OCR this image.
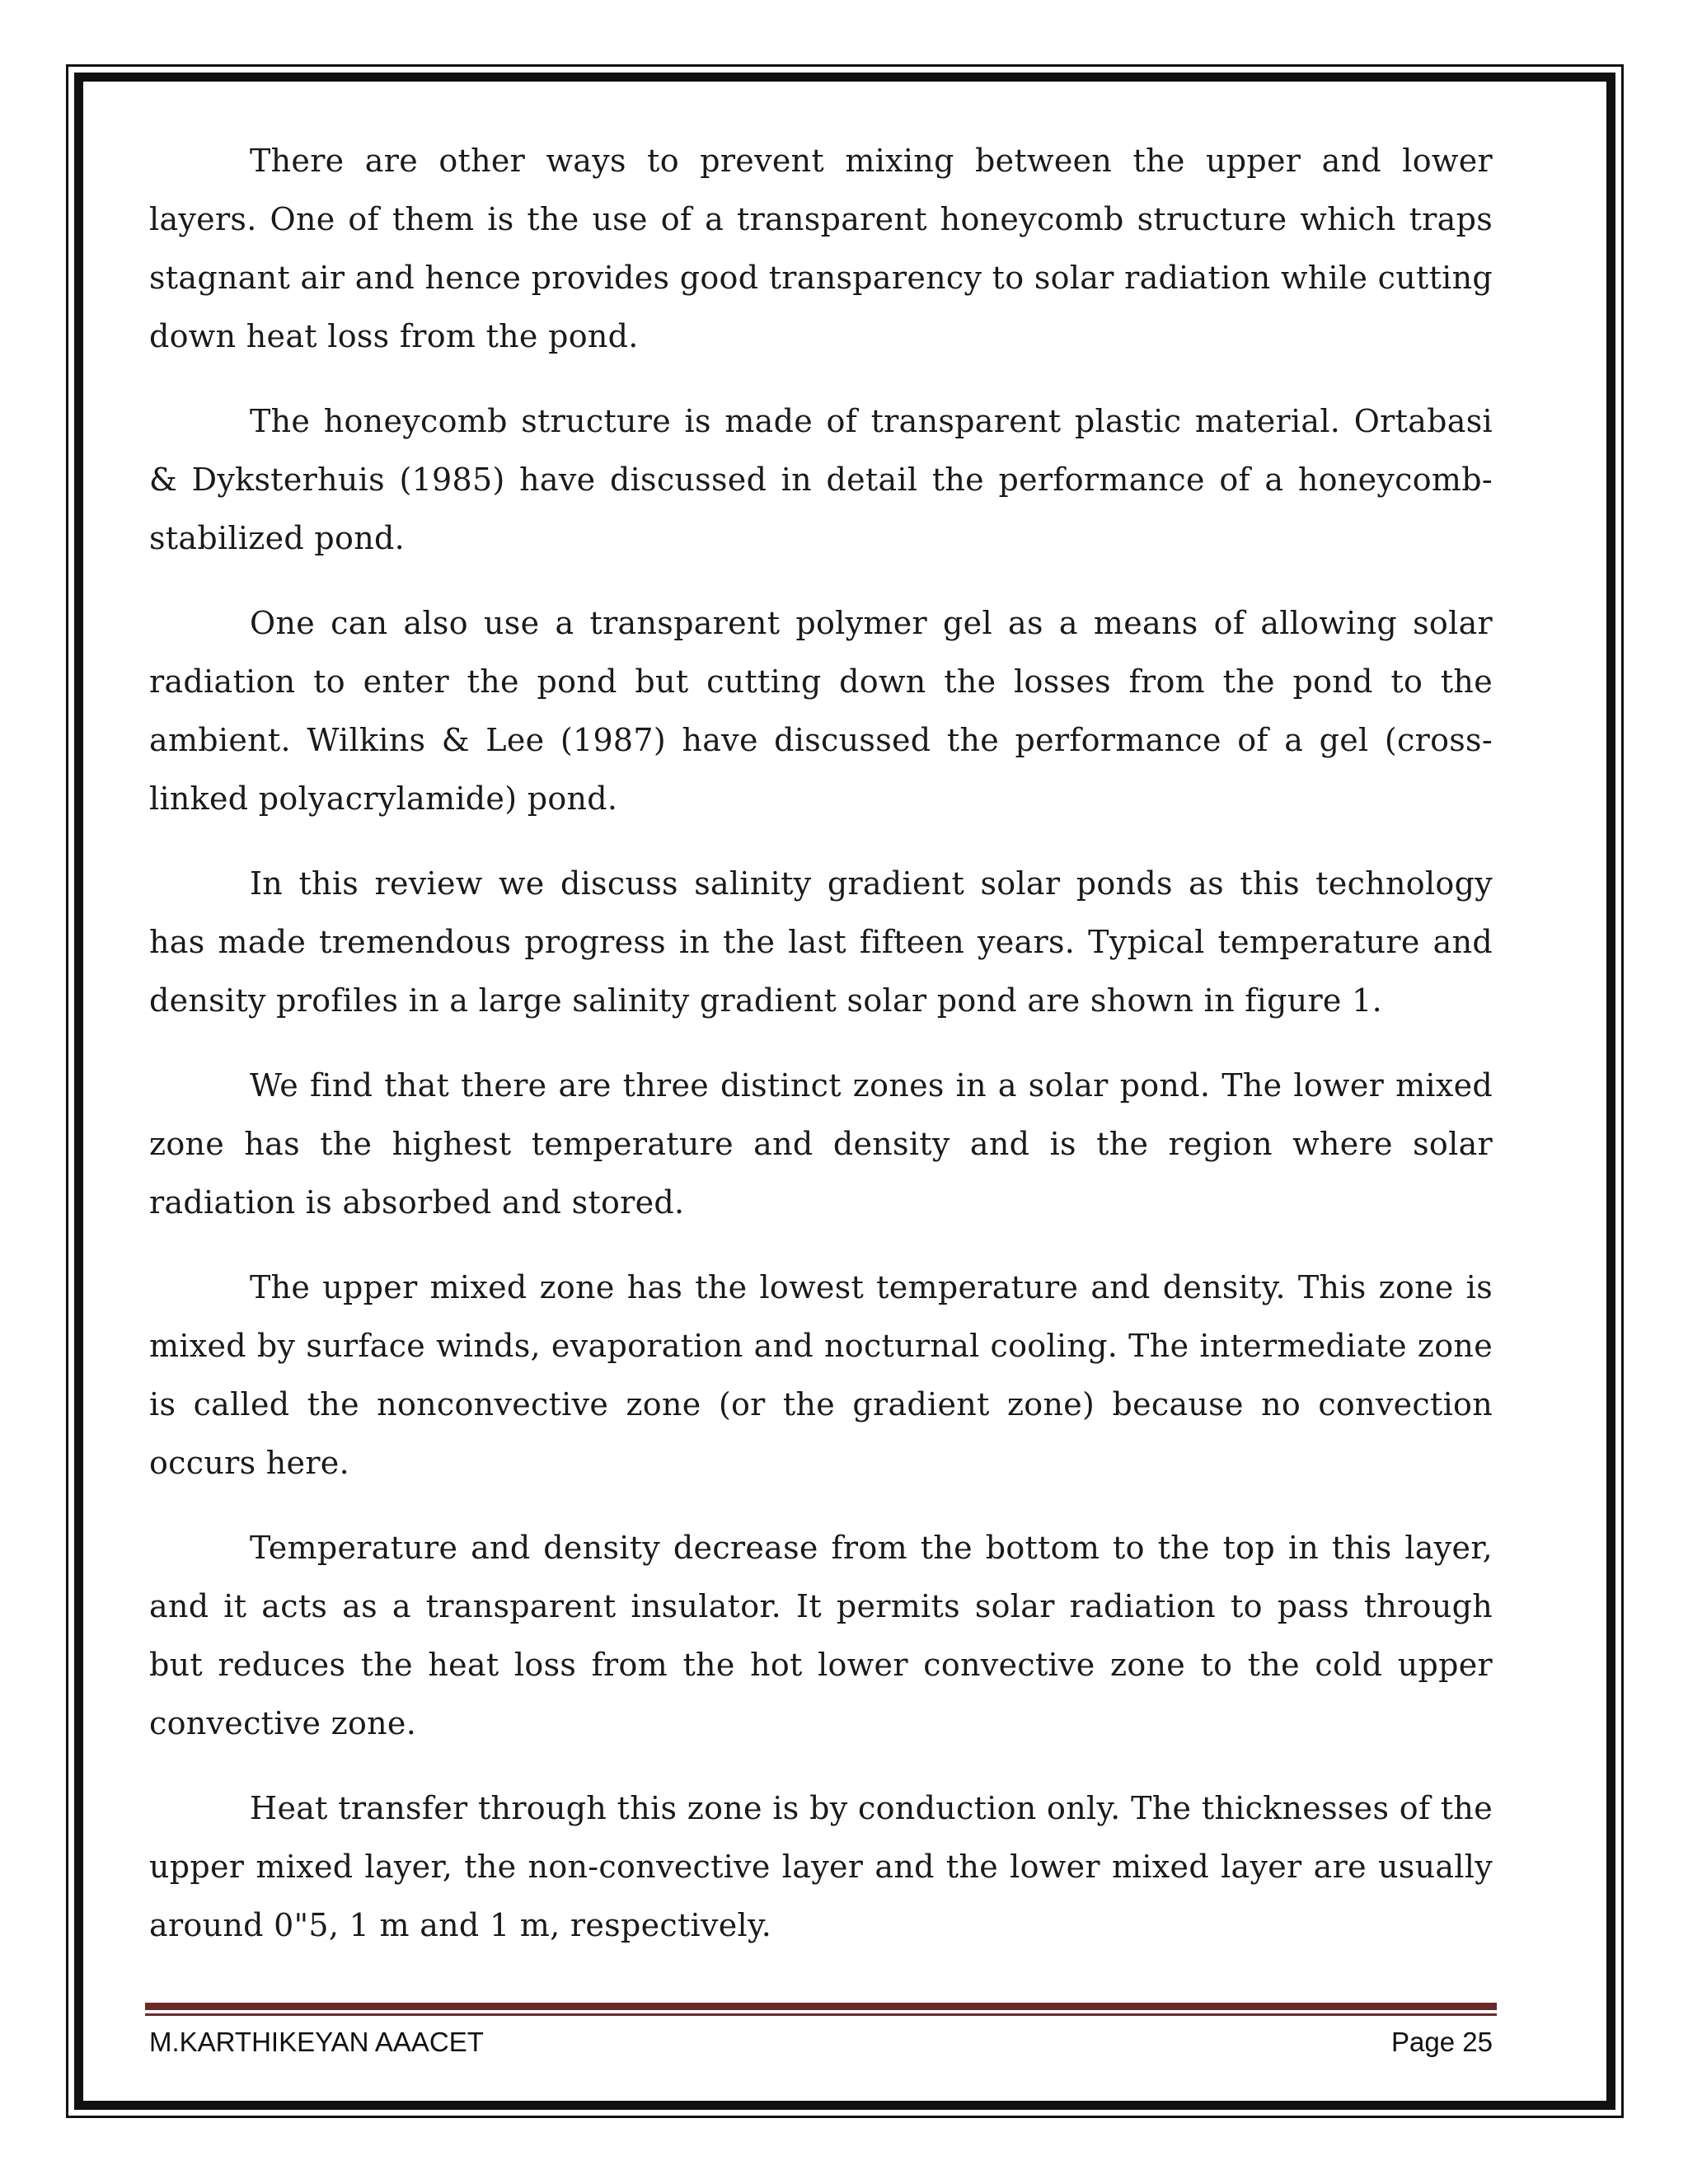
There are other ways to prevent mixing between the upper and lower layers. One of them is the use of a transparent honeycomb structure which traps stagnant air and hence provides good transparency to solar radiation while cutting down heat loss from the pond.

The honeycomb structure is made of transparent plastic material. Ortabasi & Dyksterhuis (1985) have discussed in detail the performance of a honeycomb-stabilized pond.

One can also use a transparent polymer gel as a means of allowing solar radiation to enter the pond but cutting down the losses from the pond to the ambient. Wilkins & Lee (1987) have discussed the performance of a gel (cross-linked polyacrylamide) pond.

In this review we discuss salinity gradient solar ponds as this technology has made tremendous progress in the last fifteen years. Typical temperature and density profiles in a large salinity gradient solar pond are shown in figure 1.

We find that there are three distinct zones in a solar pond. The lower mixed zone has the highest temperature and density and is the region where solar radiation is absorbed and stored.

The upper mixed zone has the lowest temperature and density. This zone is mixed by surface winds, evaporation and nocturnal cooling. The intermediate zone is called the nonconvective zone (or the gradient zone) because no convection occurs here.

Temperature and density decrease from the bottom to the top in this layer, and it acts as a transparent insulator. It permits solar radiation to pass through but reduces the heat loss from the hot lower convective zone to the cold upper convective zone.

Heat transfer through this zone is by conduction only. The thicknesses of the upper mixed layer, the non-convective layer and the lower mixed layer are usually around 0"5, 1 m and 1 m, respectively.

M.KARTHIKEYAN AAACET	Page 25
